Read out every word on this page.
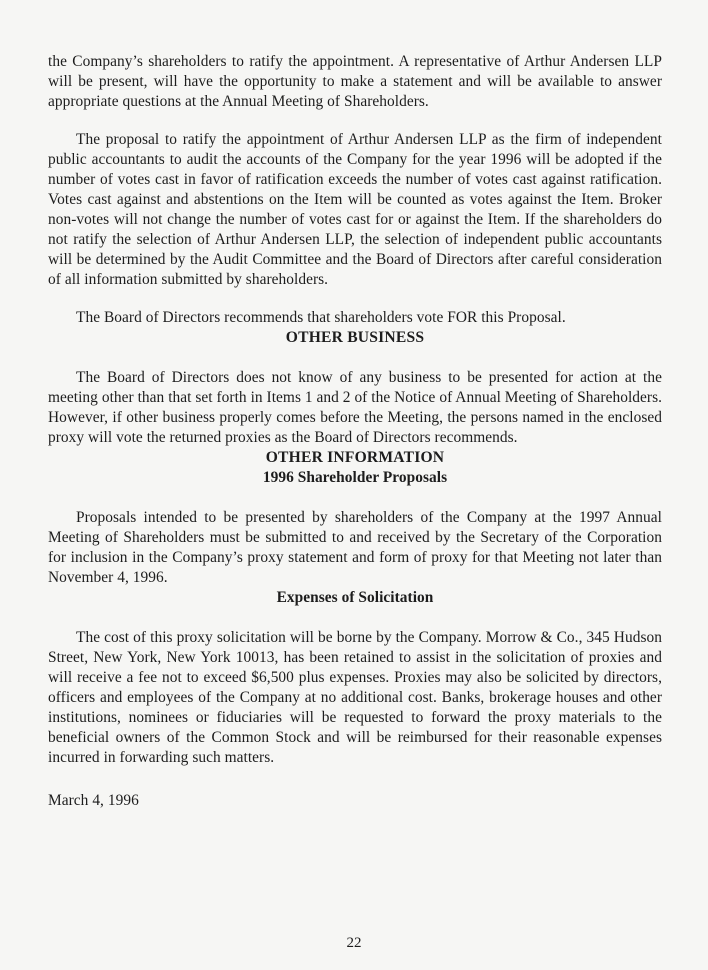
the Company’s shareholders to ratify the appointment. A representative of Arthur Andersen LLP will be present, will have the opportunity to make a statement and will be available to answer appropriate questions at the Annual Meeting of Shareholders.

The proposal to ratify the appointment of Arthur Andersen LLP as the firm of independent public accountants to audit the accounts of the Company for the year 1996 will be adopted if the number of votes cast in favor of ratification exceeds the number of votes cast against ratification. Votes cast against and abstentions on the Item will be counted as votes against the Item. Broker non-votes will not change the number of votes cast for or against the Item. If the shareholders do not ratify the selection of Arthur Andersen LLP, the selection of independent public accountants will be determined by the Audit Committee and the Board of Directors after careful consideration of all information submitted by shareholders.

The Board of Directors recommends that shareholders vote FOR this Proposal.

OTHER BUSINESS

The Board of Directors does not know of any business to be presented for action at the meeting other than that set forth in Items 1 and 2 of the Notice of Annual Meeting of Shareholders. However, if other business properly comes before the Meeting, the persons named in the enclosed proxy will vote the returned proxies as the Board of Directors recommends.

OTHER INFORMATION
1996 Shareholder Proposals

Proposals intended to be presented by shareholders of the Company at the 1997 Annual Meeting of Shareholders must be submitted to and received by the Secretary of the Corporation for inclusion in the Company’s proxy statement and form of proxy for that Meeting not later than November 4, 1996.

Expenses of Solicitation

The cost of this proxy solicitation will be borne by the Company. Morrow & Co., 345 Hudson Street, New York, New York 10013, has been retained to assist in the solicitation of proxies and will receive a fee not to exceed $6,500 plus expenses. Proxies may also be solicited by directors, officers and employees of the Company at no additional cost. Banks, brokerage houses and other institutions, nominees or fiduciaries will be requested to forward the proxy materials to the beneficial owners of the Common Stock and will be reimbursed for their reasonable expenses incurred in forwarding such matters.

March 4, 1996

22
